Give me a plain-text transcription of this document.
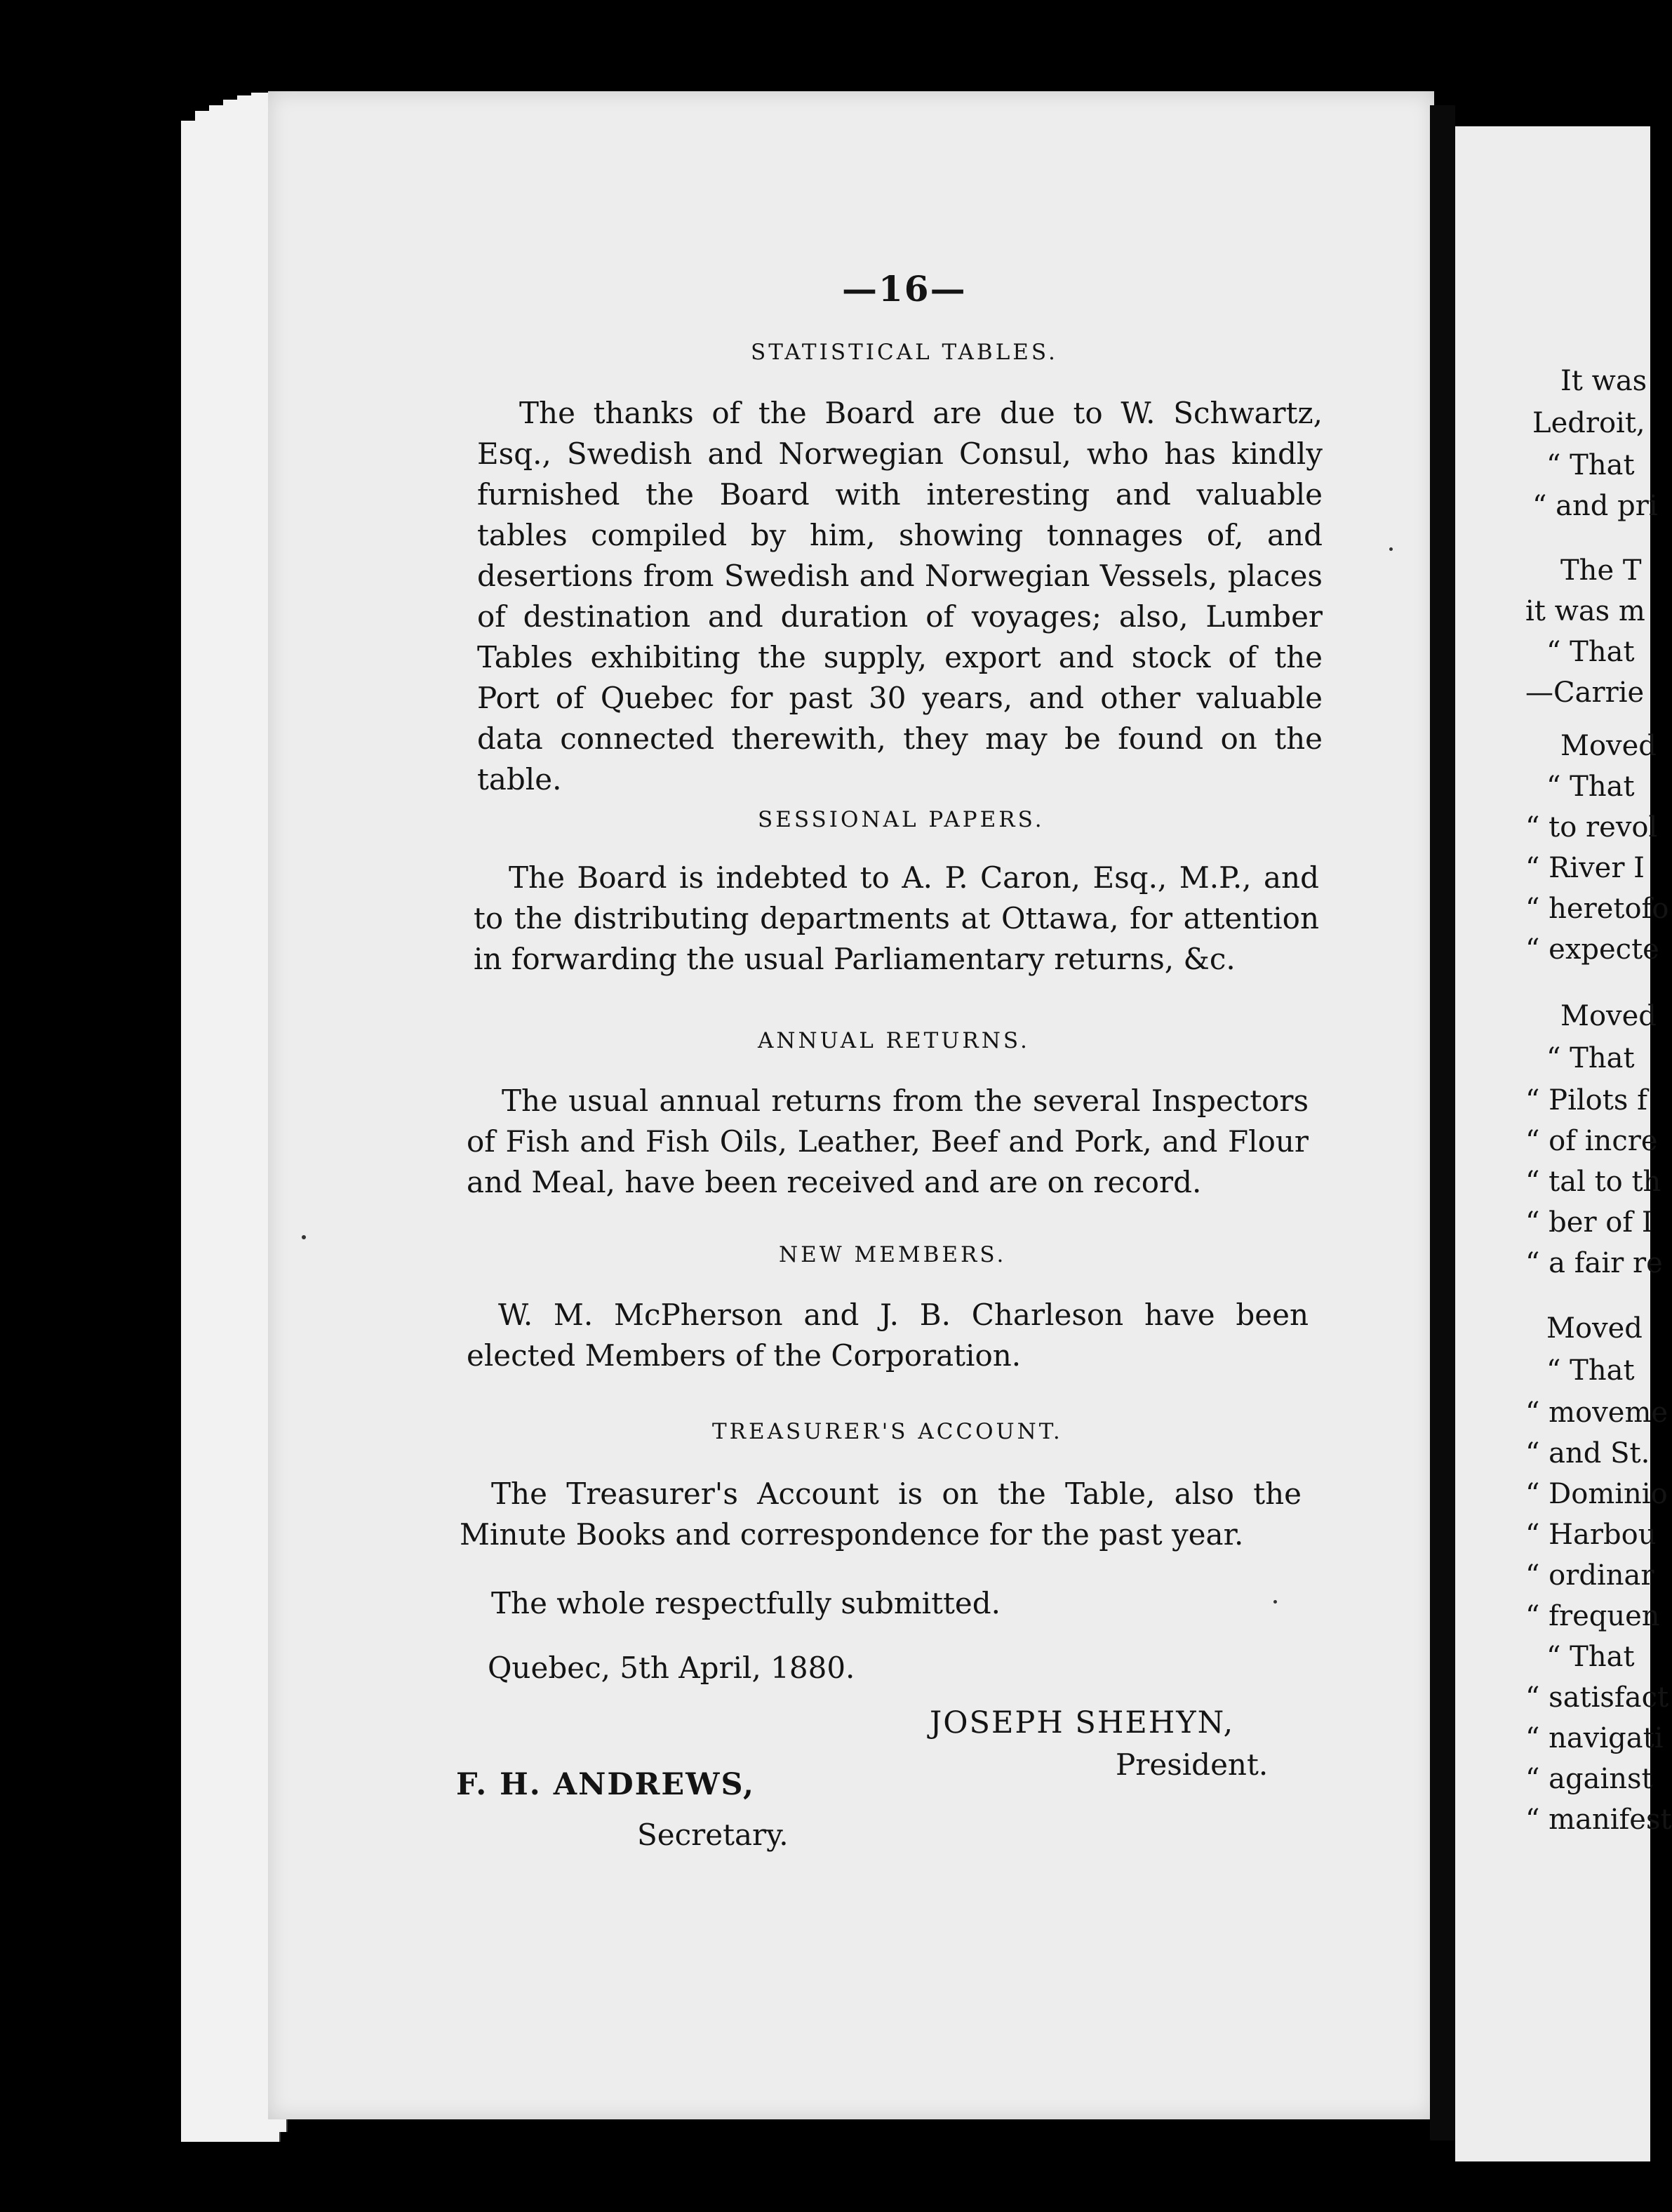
—16—
STATISTICAL TABLES.

The thanks of the Board are due to W. Schwartz, Esq., Swedish and Norwegian Consul, who has kindly furnished the Board with interesting and valuable tables compiled by him, showing tonnages of, and desertions from Swedish and Norwegian Vessels, places of destination and duration of voyages; also, Lumber Tables exhibiting the supply, export and stock of the Port of Quebec for past 30 years, and other valuable data connected therewith, they may be found on the table.

SESSIONAL PAPERS.

The Board is indebted to A. P. Caron, Esq., M.P., and to the distributing departments at Ottawa, for attention in forwarding the usual Parliamentary returns, &c.

ANNUAL RETURNS.

The usual annual returns from the several Inspectors of Fish and Fish Oils, Leather, Beef and Pork, and Flour and Meal, have been received and are on record.

NEW MEMBERS.

W. M. McPherson and J. B. Charleson have been elected Members of the Corporation.

TREASURER'S ACCOUNT.

The Treasurer's Account is on the Table, also the Minute Books and correspondence for the past year.

The whole respectfully submitted.
Quebec, 5th April, 1880.
JOSEPH SHEHYN,
President.
F. H. ANDREWS,
Secretary.
It was
Ledroit,
“ That
“ and pri
The T
it was m
“ That
—Carrie
Moved
“ That
“ to revol
“ River I
“ heretofo
“ expecte
Moved
“ That
“ Pilots f
“ of incre
“ tal to th
“ ber of I
“ a fair re
Moved
“ That
“ moveme
“ and St.
“ Dominio
“ Harbou
“ ordinar
“ frequen
“ That
“ satisfact
“ navigati
“ against
“ manifest
